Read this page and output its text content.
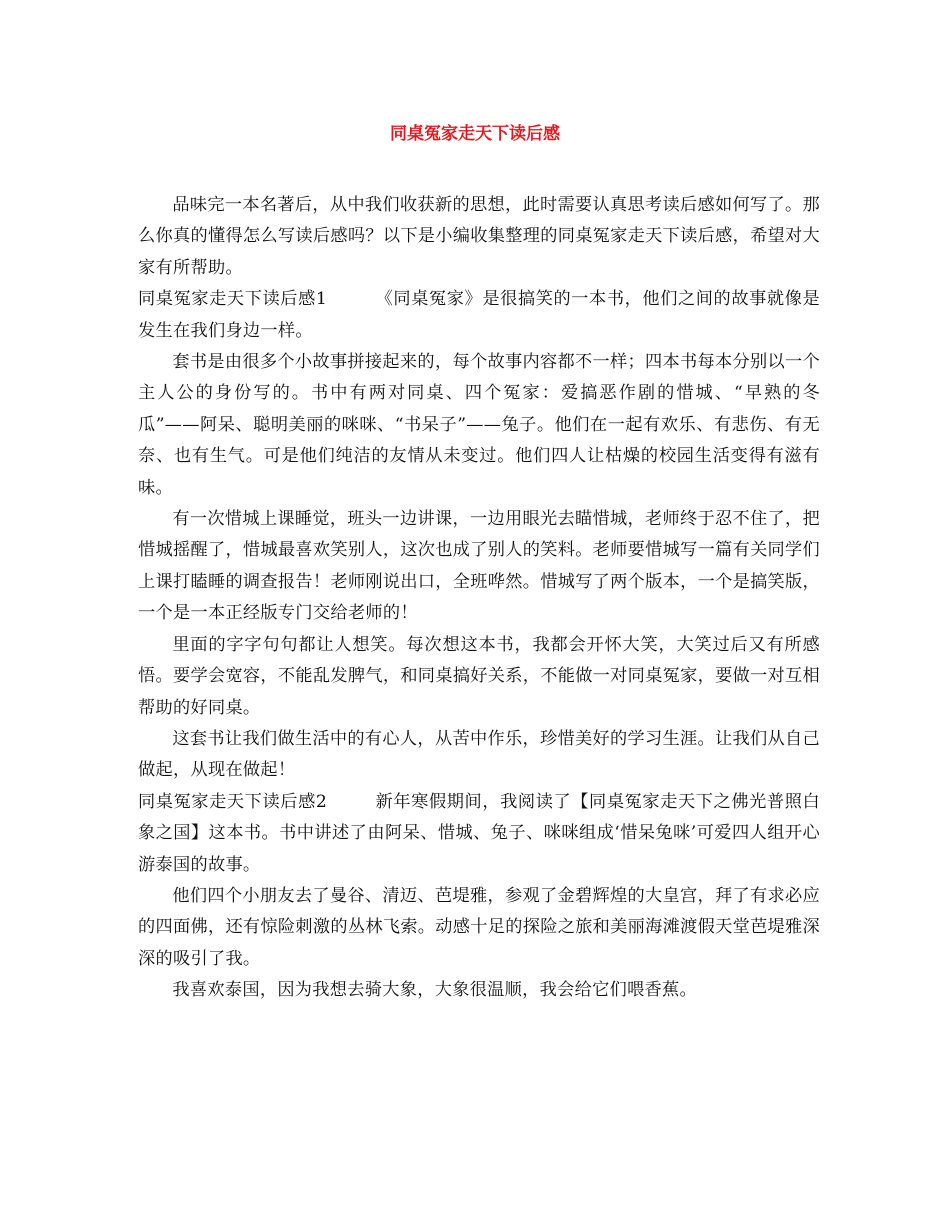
同桌冤家走天下读后感

品味完一本名著后，从中我们收获新的思想，此时需要认真思考读后感如何写了。那么你真的懂得怎么写读后感吗？以下是小编收集整理的同桌冤家走天下读后感，希望对大家有所帮助。

同桌冤家走天下读后感1	《同桌冤家》是很搞笑的一本书，他们之间的故事就像是发生在我们身边一样。

套书是由很多个小故事拼接起来的，每个故事内容都不一样；四本书每本分别以一个主人公的身份写的。书中有两对同桌、四个冤家：爱搞恶作剧的惜城、“早熟的冬瓜”——阿呆、聪明美丽的咪咪、“书呆子”——兔子。他们在一起有欢乐、有悲伤、有无奈、也有生气。可是他们纯洁的友情从未变过。他们四人让枯燥的校园生活变得有滋有味。

有一次惜城上课睡觉，班头一边讲课，一边用眼光去瞄惜城，老师终于忍不住了，把惜城摇醒了，惜城最喜欢笑别人，这次也成了别人的笑料。老师要惜城写一篇有关同学们上课打瞌睡的调查报告！老师刚说出口，全班哗然。惜城写了两个版本，一个是搞笑版，一个是一本正经版专门交给老师的！

里面的字字句句都让人想笑。每次想这本书，我都会开怀大笑，大笑过后又有所感悟。要学会宽容，不能乱发脾气，和同桌搞好关系，不能做一对同桌冤家，要做一对互相帮助的好同桌。

这套书让我们做生活中的有心人，从苦中作乐，珍惜美好的学习生涯。让我们从自己做起，从现在做起！

同桌冤家走天下读后感2	新年寒假期间，我阅读了【同桌冤家走天下之佛光普照白象之国】这本书。书中讲述了由阿呆、惜城、兔子、咪咪组成‘惜呆兔咪’可爱四人组开心游泰国的故事。

他们四个小朋友去了曼谷、清迈、芭堤雅，参观了金碧辉煌的大皇宫，拜了有求必应的四面佛，还有惊险刺激的丛林飞索。动感十足的探险之旅和美丽海滩渡假天堂芭堤雅深深的吸引了我。

我喜欢泰国，因为我想去骑大象，大象很温顺，我会给它们喂香蕉。
